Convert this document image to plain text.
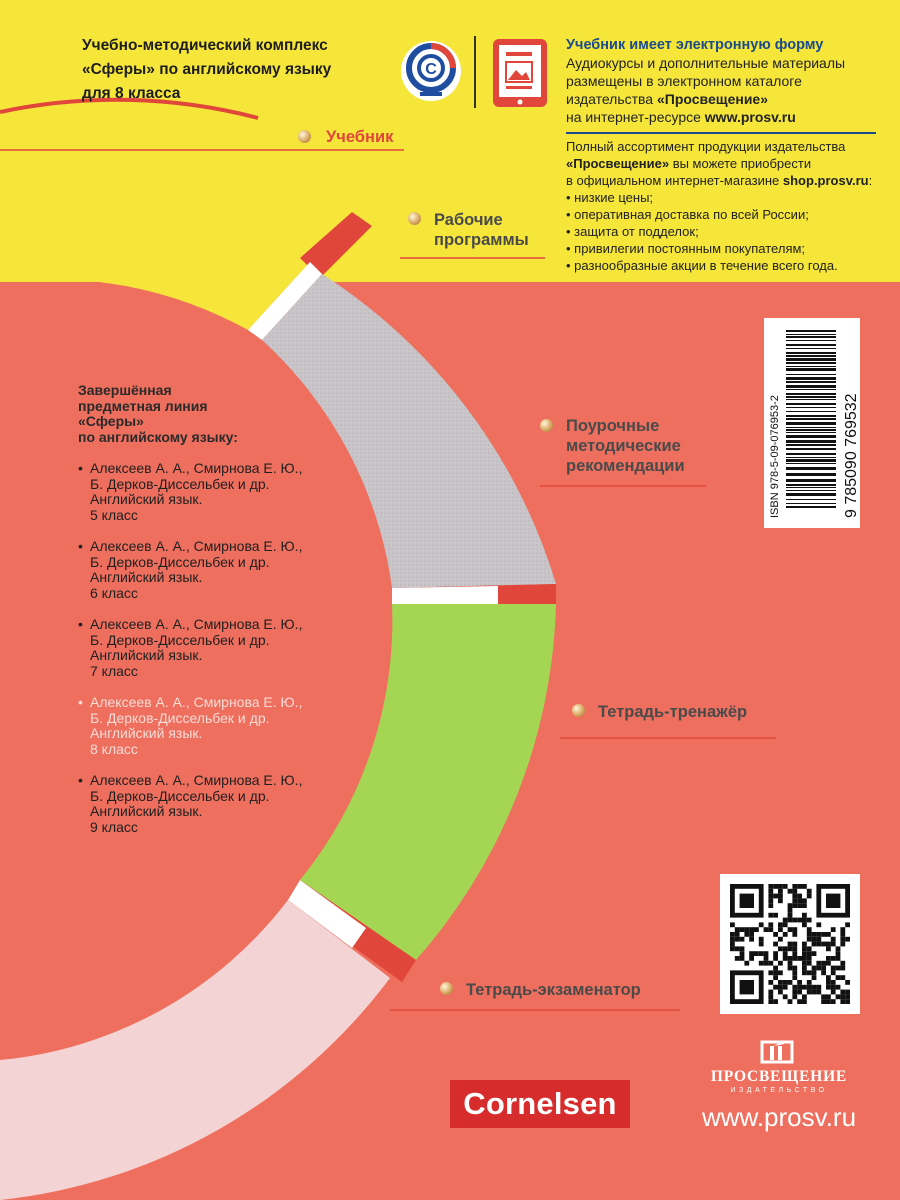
Учебно-методический комплекс
«Сферы» по английскому языку
для 8 класса
С
Учебник имеет электронную форму
Аудиокурсы и дополнительные материалы
размещены в электронном каталоге
издательства «Просвещение»
на интернет-ресурсе www.prosv.ru
Полный ассортимент продукции издательства
«Просвещение» вы можете приобрести
в официальном интернет-магазине shop.prosv.ru:
• низкие цены;
• оперативная доставка по всей России;
• защита от подделок;
• привилегии постоянным покупателям;
• разнообразные акции в течение всего года.
Учебник
Рабочие
программы
Поурочные
методические
рекомендации
Тетрадь-тренажёр
Тетрадь-экзаменатор
Завершённая
предметная линия
«Сферы»
по английскому языку:
• Алексеев А. А., Смирнова Е. Ю.,
Б. Дерков-Диссельбек и др.
Английский язык.
5 класс
• Алексеев А. А., Смирнова Е. Ю.,
Б. Дерков-Диссельбек и др.
Английский язык.
6 класс
• Алексеев А. А., Смирнова Е. Ю.,
Б. Дерков-Диссельбек и др.
Английский язык.
7 класс
• Алексеев А. А., Смирнова Е. Ю.,
Б. Дерков-Диссельбек и др.
Английский язык.
8 класс
• Алексеев А. А., Смирнова Е. Ю.,
Б. Дерков-Диссельбек и др.
Английский язык.
9 класс
ISBN 978-5-09-076953-2	9 785090 769532
Cornelsen
ПРОСВЕЩЕНИЕ
ИЗДАТЕЛЬСТВО
www.prosv.ru
